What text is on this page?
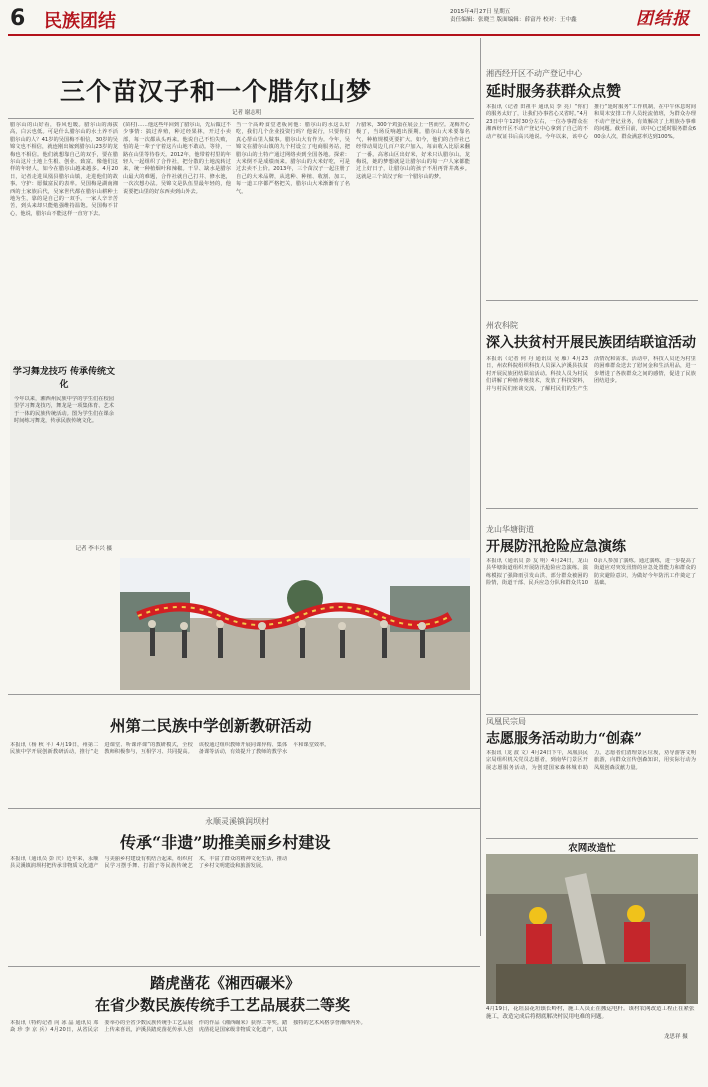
6 民族团结	2015年4月27日 星期五
责任编辑：张晓兰 版面编辑：薛富丹 校对：王中鑫	团结报
三个苗汉子和一个腊尔山梦
记者 谢志明
腊尔山的山好看，春风也暖。腊尔山的海拔高，白云也低。可是什么腊尔山的水土养不活腊尔山的人？41岁的吴国梅不相信，30岁的吴锦文也不相信，就连刚出嫁到腊尔山23岁的龙梅也不相信。他们就想靠自己的双手，要在腊尔山这片土地上生根、创业、致富。像他们这样的年轻人，如今在腊尔山越来越多。4月20日，记者走进凤凰县腊尔山镇，走进他们的故事。守护：愿做富民的表率。吴国梅是湖南湘西的土家族后代，吴家世代都在腊尔山耕种土地为生，靠的是自己的一双手。一家人辛辛苦苦，到头来却只能勉强维持温饱。吴国梅不甘心，他说，腊尔山不能这样一直穷下去。
(苗村)……他这些年回到了腊尔山，先后做过不少事情：搞过养殖，种过经果林，开过小卖部，每一次都从头再来。他说自己不怕失败，怕的是一辈子守着这片山地不敢动。等待，一路在山里等待春天。2012年，他带着村里的年轻人一起组织了合作社，把分散的土地流转过来，统一种植烟叶和辣椒。干旱、缺水是腊尔山最大的难题，合作社就自己打井、修水池，一次次想办法。吴锦文是队伍里最年轻的，他说要把山里的好东西卖到山外去。
当一个高岭食堂老板问他：腊尔山的水这么好吃，我们几个企业投资行吗？他说行，只要你们真心帮山里人做事。腊尔山大有作为。今年，吴锦文在腊尔山镇的九个村设立了电商服务站，把腊尔山的土特产通过网络卖到全国各地。探索：大米倒不是成绩而来。腊尔山的大米好吃，可是过去卖不上价。2013年，三个苗汉子一起注册了自己的大米品牌，从选种、种植、收割、加工，每一道工序都严格把关，腊尔山大米渐渐有了名气。
斤腊米，300个鸡蛋在展会上一售而空。龙梅开心极了，当场反响越出预期。腊尔山大米要靠名气，种植规模更要扩大。如今，他们的合作社已经带动周边几百户农户加入，每亩收入比原来翻了一番。高寒山区出好米，好米只认腊尔山。龙梅说，她的梦想就是让腊尔山的每一户人家都能过上好日子，让腊尔山的孩子不用再背井离乡。这就是三个苗汉子和一个腊尔山的梦。
学习舞龙技巧 传承传统文化
今年以来，湘西州民族中学的学生们在校园里学习舞龙技巧，舞龙是一项集体育、艺术于一体的民族传统活动。图为学生们在课余时间练习舞龙，传承民族传统文化。
记者 李丰兴 摄
湘西经开区不动产登记中心
延时服务获群众点赞
本报讯（记者 田祖丰 通讯员 李 亮）“你们的服务太好了，让我们办事省心又省时。”4月23日中午12时30分左右，一位办事群众在湘西经开区不动产登记中心拿到了自己的不动产权证书后高兴地说。今年以来，该中心推行“延时服务”工作机制，在中午休息时间和周末安排工作人员轮流值班，为群众办理不动产登记业务，有效解决了上班族办事难的问题。截至目前，该中心已延时服务群众600余人次，群众满意率达到100%。
州农科院
深入扶贫村开展民族团结联谊活动
本报讯（记者 何 丹 通讯员 吴 雁）4月23日，州农科院组织科技人员深入泸溪县扶贫村开展民族团结联谊活动。科技人员为村民们讲解了种植养殖技术，发放了科技资料，并与村民们座谈交流，了解村民们的生产生活情况和需求。活动中，科技人员还为村里的困难群众送去了慰问金和生活用品，进一步增进了各族群众之间的感情，促进了民族团结进步。
龙山华塘街道
开展防汛抢险应急演练
本报讯（通讯员 彭 友 明）4月24日，龙山县华塘街道组织开展防汛抢险应急演练。演练模拟了强降雨引发山洪、部分群众被困的险情，街道干部、民兵应急分队和群众共100余人参加了演练。通过演练，进一步提高了街道应对突发汛情的应急处置能力和群众的防灾避险意识，为做好今年防汛工作奠定了基础。
凤凰民宗局
志愿服务活动助力“创森”
本报讯（龙 波 文）4月24日下午，凤凰县民宗局组织机关党员志愿者，到南华门景区开展志愿服务活动，为创建国家森林城市助力。志愿者们清理景区垃圾，劝导游客文明旅游，向群众宣传创森知识，用实际行动为凤凰创森贡献力量。
农网改造忙
4月19日，花垣县花垣镇长岭村，施工人员正在搬运电杆。该村农网改造工程正在紧张施工，改造完成后将彻底解决村民用电难的问题。
龙思祥 摄
州第二民族中学创新教研活动
本报讯（杨 秋 平）4月19日，州第二民族中学开展创新教研活动，推行“走进课堂、听课评课”的教研模式，全校教师积极参与，互相学习、共同提高。该校通过组织教师开展同课异构、集体备课等活动，有效提升了教师的教学水平和课堂效率。
永顺灵溪镇润坝村
传承“非遗”助推美丽乡村建设
本报讯（通讯员 彭 庆）近年来，永顺县灵溪镇润坝村把传承非物质文化遗产与美丽乡村建设有机结合起来，组织村民学习摆手舞、打溜子等民族传统艺术，丰富了群众的精神文化生活，推动了乡村文明建设和旅游发展。
踏虎凿花《湘西碾米》
在省少数民族传统手工艺品展获二等奖
本报讯（特约记者 向 冰 晶 通讯员 邓 焱 珍 李 京 兵）4月20日，从省民宗委举办的全省少数民族传统手工艺品展上传来喜讯，泸溪县踏虎凿花传承人创作的作品《湘西碾米》获得二等奖。踏虎凿花是国家级非物质文化遗产，以其独特的艺术风格享誉湘西内外。
